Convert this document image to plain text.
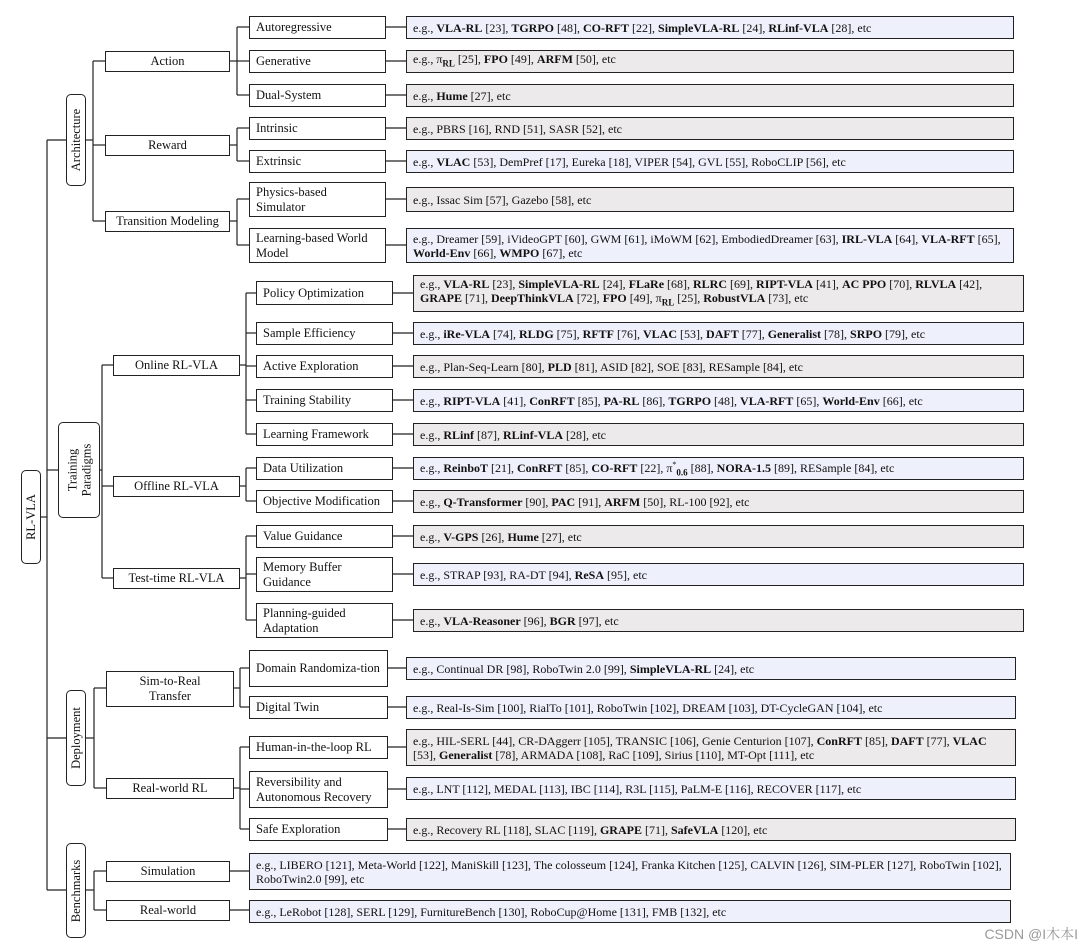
RL-VLA
Architecture
Training Paradigms
Deployment
Benchmarks
Action
Reward
Transition Modeling
Online RL-VLA
Offline RL-VLA
Test-time RL-VLA
Sim-to-Real Transfer
Real-world RL
Simulation
Real-world
Autoregressive
Generative
Dual-System
Intrinsic
Extrinsic
Physics-based Simulator
Learning-based World Model
Policy Optimization
Sample Efficiency
Active Exploration
Training Stability
Learning Framework
Data Utilization
Objective Modification
Value Guidance
Memory Buffer Guidance
Planning-guided Adaptation
Domain Randomiza-tion
Digital Twin
Human-in-the-loop RL
Reversibility and Autonomous Recovery
Safe Exploration
e.g., VLA-RL [23], TGRPO [48], CO-RFT [22], SimpleVLA-RL [24], RLinf-VLA [28], etc
e.g., $\pi_{RL}$ [25], FPO [49], ARFM [50], etc
e.g., Hume [27], etc
e.g., PBRS [16], RND [51], SASR [52], etc
e.g., VLAC [53], DemPref [17], Eureka [18], VIPER [54], GVL [55], RoboCLIP [56], etc
e.g., Issac Sim [57], Gazebo [58], etc
e.g., Dreamer [59], iVideoGPT [60], GWM [61], iMoWM [62], EmbodiedDreamer [63], IRL-VLA [64], VLA-RFT [65], World-Env [66], WMPO [67], etc
e.g., VLA-RL [23], SimpleVLA-RL [24], FLaRe [68], RLRC [69], RIPT-VLA [41], AC PPO [70], RLVLA [42], GRAPE [71], DeepThinkVLA [72], FPO [49], $\pi_{RL}$ [25], RobustVLA [73], etc
e.g., iRe-VLA [74], RLDG [75], RFTF [76], VLAC [53], DAFT [77], Generalist [78], SRPO [79], etc
e.g., Plan-Seq-Learn [80], PLD [81], ASID [82], SOE [83], RESample [84], etc
e.g., RIPT-VLA [41], ConRFT [85], PA-RL [86], TGRPO [48], VLA-RFT [65], World-Env [66], etc
e.g., RLinf [87], RLinf-VLA [28], etc
e.g., ReinboT [21], ConRFT [85], CO-RFT [22], $\pi^*_{0.6}$ [88], NORA-1.5 [89], RESample [84], etc
e.g., Q-Transformer [90], PAC [91], ARFM [50], RL-100 [92], etc
e.g., V-GPS [26], Hume [27], etc
e.g., STRAP [93], RA-DT [94], ReSA [95], etc
e.g., VLA-Reasoner [96], BGR [97], etc
e.g., Continual DR [98], RoboTwin 2.0 [99], SimpleVLA-RL [24], etc
e.g., Real-Is-Sim [100], RialTo [101], RoboTwin [102], DREAM [103], DT-CycleGAN [104], etc
e.g., HIL-SERL [44], CR-DAggerr [105], TRANSIC [106], Genie Centurion [107], ConRFT [85], DAFT [77], VLAC [53], Generalist [78], ARMADA [108], RaC [109], Sirius [110], MT-Opt [111], etc
e.g., LNT [112], MEDAL [113], IBC [114], R3L [115], PaLM-E [116], RECOVER [117], etc
e.g., Recovery RL [118], SLAC [119], GRAPE [71], SafeVLA [120], etc
e.g., LIBERO [121], Meta-World [122], ManiSkill [123], The colosseum [124], Franka Kitchen [125], CALVIN [126], SIM-PLER [127], RoboTwin [102], RoboTwin2.0 [99], etc
e.g., LeRobot [128], SERL [129], FurnitureBench [130], RoboCup@Home [131], FMB [132], etc
CSDN @I木本I
